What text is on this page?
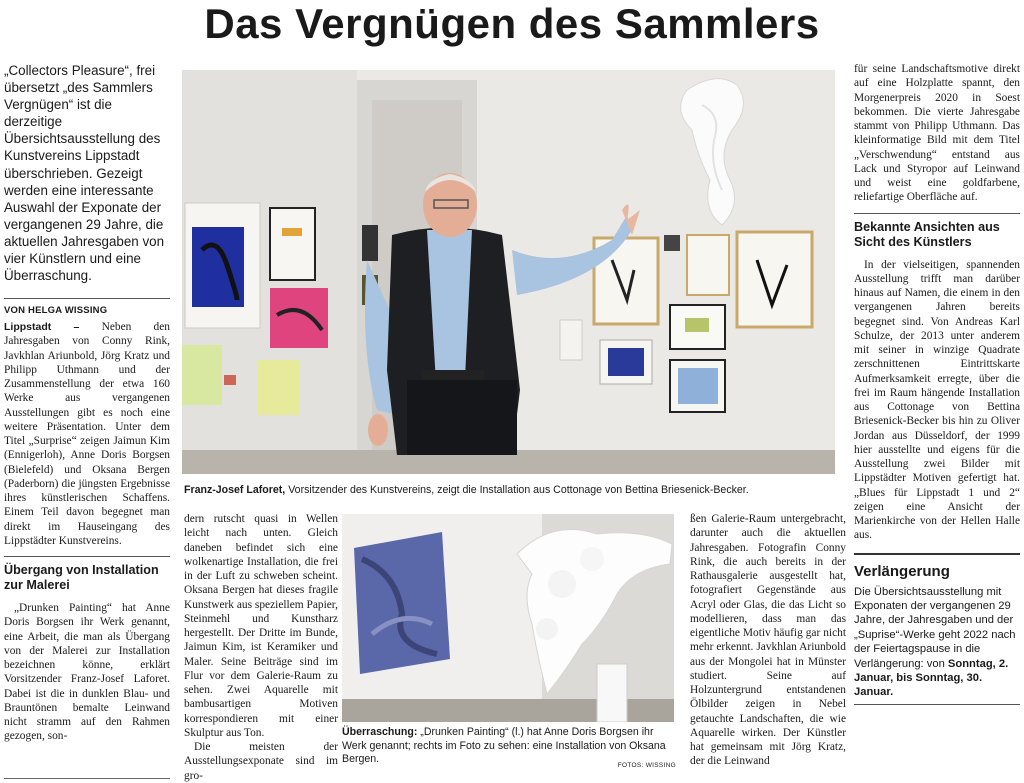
Das Vergnügen des Sammlers
„Collectors Pleasure“, frei übersetzt „des Sammlers Vergnügen“ ist die derzeitige Übersichtsausstellung des Kunstvereins Lippstadt überschrieben. Gezeigt werden eine interessante Auswahl der Exponate der vergangenen 29 Jahre, die aktuellen Jahresgaben von vier Künstlern und eine Überraschung.
VON HELGA WISSING

Lippstadt – Neben den Jahresgaben von Conny Rink, Javkhlan Ariunbold, Jörg Kratz und Philipp Uthmann und der Zusammenstellung der etwa 160 Werke aus vergangenen Ausstellungen gibt es noch eine weitere Präsentation. Unter dem Titel „Surprise“ zeigen Jaimun Kim (Ennigerloh), Anne Doris Borgsen (Bielefeld) und Oksana Bergen (Paderborn) die jüngsten Ergebnisse ihres künstlerischen Schaffens. Einem Teil davon begegnet man direkt im Hauseingang des Lippstädter Kunstvereins.

Übergang von Installation zur Malerei

„Drunken Painting“ hat Anne Doris Borgsen ihr Werk genannt, eine Arbeit, die man als Übergang von der Malerei zur Installation bezeichnen könne, erklärt Vorsitzender Franz-Josef Laforet. Dabei ist die in dunklen Blau- und Brauntönen bemalte Leinwand nicht stramm auf den Rahmen gezogen, son-

Franz-Josef Laforet, Vorsitzender des Kunstvereins, zeigt die Installation aus Cottonage von Bettina Briesenick-Becker.

dern rutscht quasi in Wellen leicht nach unten. Gleich daneben befindet sich eine wolkenartige Installation, die frei in der Luft zu schweben scheint. Oksana Bergen hat dieses fragile Kunstwerk aus speziellem Papier, Steinmehl und Kunstharz hergestellt. Der Dritte im Bunde, Jaimun Kim, ist Keramiker und Maler. Seine Beiträge sind im Flur vor dem Galerie-Raum zu sehen. Zwei Aquarelle mit bambusartigen Motiven korrespondieren mit einer Skulptur aus Ton.

Die meisten der Ausstellungsexponate sind im gro-

Überraschung: „Drunken Painting“ (l.) hat Anne Doris Borgsen ihr Werk genannt; rechts im Foto zu sehen: eine Installation von Oksana Bergen.
FOTOS: WISSING

ßen Galerie-Raum untergebracht, darunter auch die aktuellen Jahresgaben. Fotografin Conny Rink, die auch bereits in der Rathausgalerie ausgestellt hat, fotografiert Gegenstände aus Acryl oder Glas, die das Licht so modellieren, dass man das eigentliche Motiv häufig gar nicht mehr erkennt. Javkhlan Ariunbold aus der Mongolei hat in Münster studiert. Seine auf Holzuntergrund entstandenen Ölbilder zeigen in Nebel getauchte Landschaften, die wie Aquarelle wirken. Der Künstler hat gemeinsam mit Jörg Kratz, der die Leinwand

für seine Landschaftsmotive direkt auf eine Holzplatte spannt, den Morgenerpreis 2020 in Soest bekommen. Die vierte Jahresgabe stammt von Philipp Uthmann. Das kleinformatige Bild mit dem Titel „Verschwendung“ entstand aus Lack und Styropor auf Leinwand und weist eine goldfarbene, reliefartige Oberfläche auf.

Bekannte Ansichten aus Sicht des Künstlers

In der vielseitigen, spannenden Ausstellung trifft man darüber hinaus auf Namen, die einem in den vergangenen Jahren bereits begegnet sind. Von Andreas Karl Schulze, der 2013 unter anderem mit seiner in winzige Quadrate zerschnittenen Eintrittskarte Aufmerksamkeit erregte, über die frei im Raum hängende Installation aus Cottonage von Bettina Briesenick-Becker bis hin zu Oliver Jordan aus Düsseldorf, der 1999 hier ausstellte und eigens für die Ausstellung zwei Bilder mit Lippstädter Motiven gefertigt hat. „Blues für Lippstadt 1 und 2“ zeigen eine Ansicht der Marienkirche von der Hellen Halle aus.

Verlängerung
Die Übersichtsausstellung mit Exponaten der vergangenen 29 Jahre, der Jahresgaben und der „Suprise“-Werke geht 2022 nach der Feiertagspause in die Verlängerung: von Sonntag, 2. Januar, bis Sonntag, 30. Januar.
